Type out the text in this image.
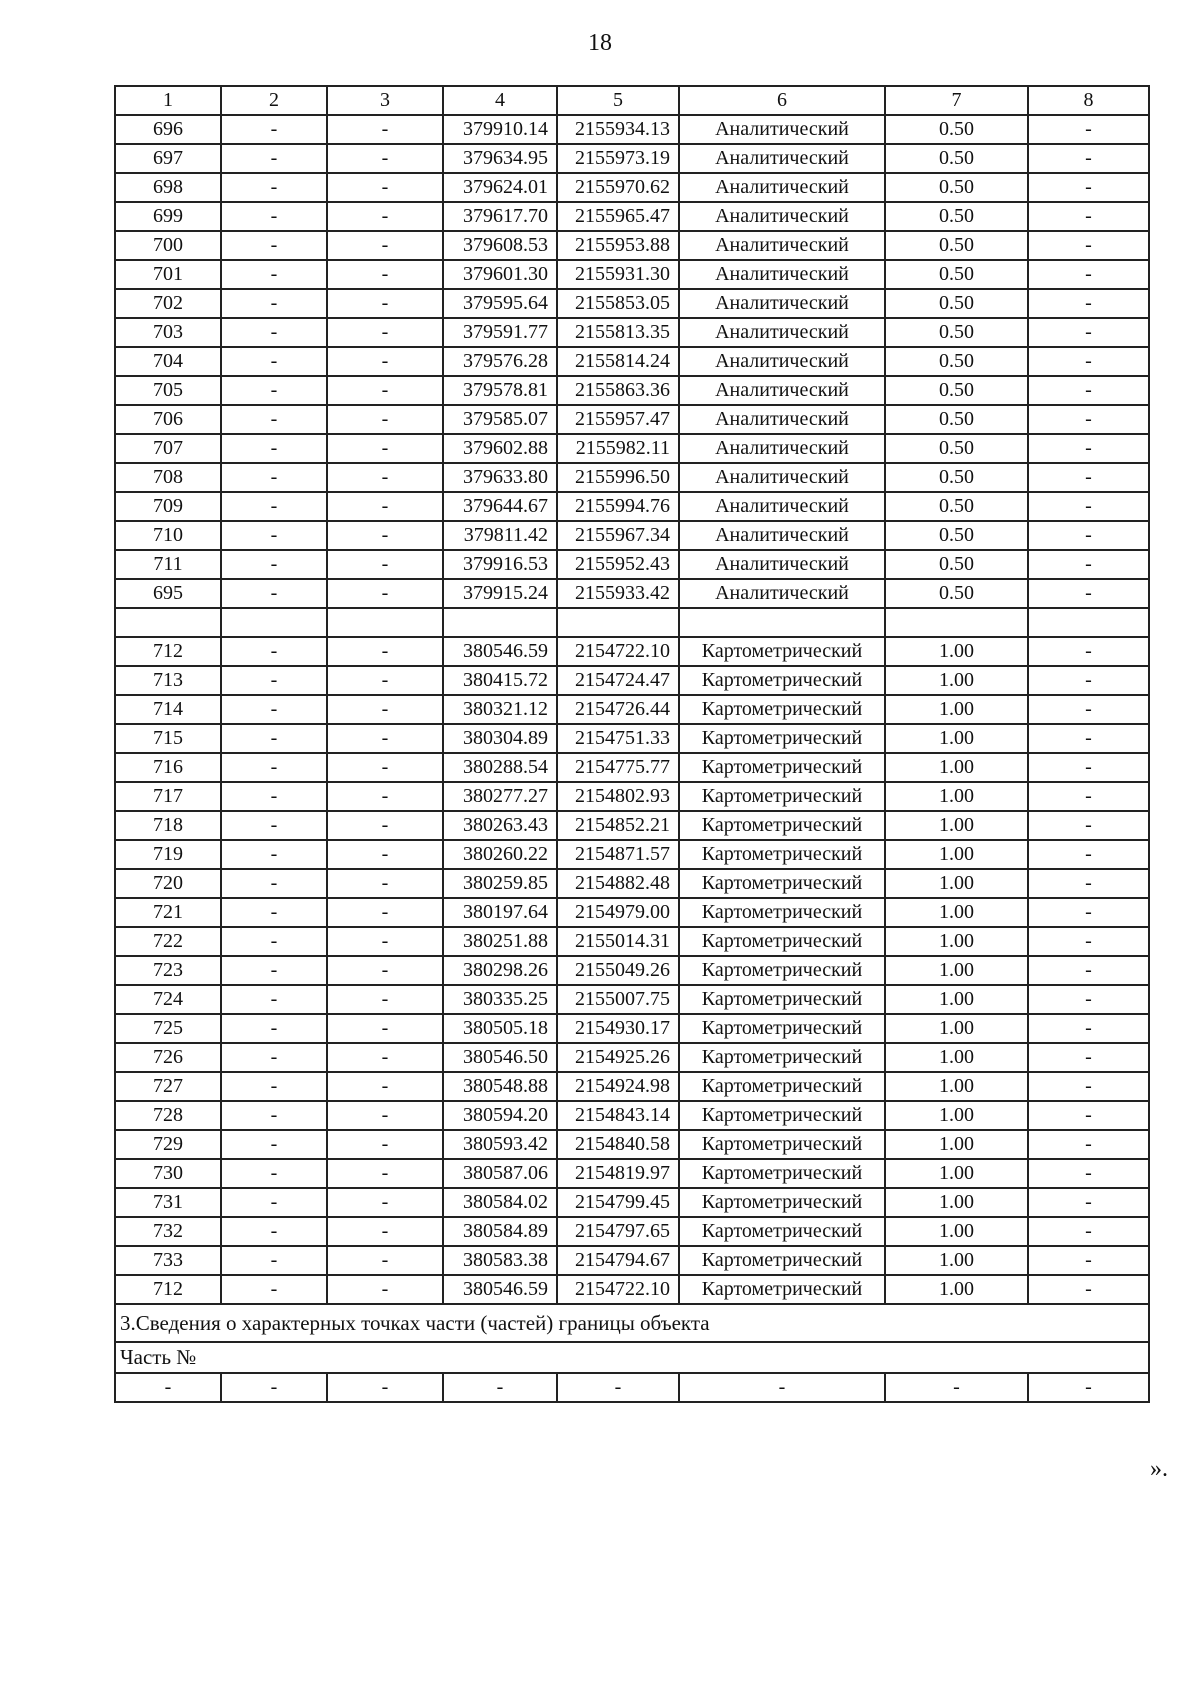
18
1	2	3	4	5	6	7	8
696	-	-	379910.14	2155934.13	Аналитический	0.50	-
697	-	-	379634.95	2155973.19	Аналитический	0.50	-
698	-	-	379624.01	2155970.62	Аналитический	0.50	-
699	-	-	379617.70	2155965.47	Аналитический	0.50	-
700	-	-	379608.53	2155953.88	Аналитический	0.50	-
701	-	-	379601.30	2155931.30	Аналитический	0.50	-
702	-	-	379595.64	2155853.05	Аналитический	0.50	-
703	-	-	379591.77	2155813.35	Аналитический	0.50	-
704	-	-	379576.28	2155814.24	Аналитический	0.50	-
705	-	-	379578.81	2155863.36	Аналитический	0.50	-
706	-	-	379585.07	2155957.47	Аналитический	0.50	-
707	-	-	379602.88	2155982.11	Аналитический	0.50	-
708	-	-	379633.80	2155996.50	Аналитический	0.50	-
709	-	-	379644.67	2155994.76	Аналитический	0.50	-
710	-	-	379811.42	2155967.34	Аналитический	0.50	-
711	-	-	379916.53	2155952.43	Аналитический	0.50	-
695	-	-	379915.24	2155933.42	Аналитический	0.50	-

712	-	-	380546.59	2154722.10	Картометрический	1.00	-
713	-	-	380415.72	2154724.47	Картометрический	1.00	-
714	-	-	380321.12	2154726.44	Картометрический	1.00	-
715	-	-	380304.89	2154751.33	Картометрический	1.00	-
716	-	-	380288.54	2154775.77	Картометрический	1.00	-
717	-	-	380277.27	2154802.93	Картометрический	1.00	-
718	-	-	380263.43	2154852.21	Картометрический	1.00	-
719	-	-	380260.22	2154871.57	Картометрический	1.00	-
720	-	-	380259.85	2154882.48	Картометрический	1.00	-
721	-	-	380197.64	2154979.00	Картометрический	1.00	-
722	-	-	380251.88	2155014.31	Картометрический	1.00	-
723	-	-	380298.26	2155049.26	Картометрический	1.00	-
724	-	-	380335.25	2155007.75	Картометрический	1.00	-
725	-	-	380505.18	2154930.17	Картометрический	1.00	-
726	-	-	380546.50	2154925.26	Картометрический	1.00	-
727	-	-	380548.88	2154924.98	Картометрический	1.00	-
728	-	-	380594.20	2154843.14	Картометрический	1.00	-
729	-	-	380593.42	2154840.58	Картометрический	1.00	-
730	-	-	380587.06	2154819.97	Картометрический	1.00	-
731	-	-	380584.02	2154799.45	Картометрический	1.00	-
732	-	-	380584.89	2154797.65	Картометрический	1.00	-
733	-	-	380583.38	2154794.67	Картометрический	1.00	-
712	-	-	380546.59	2154722.10	Картометрический	1.00	-
3.Сведения о характерных точках части (частей) границы объекта							
Часть №							
-	-	-	-	-	-	-	-
».
